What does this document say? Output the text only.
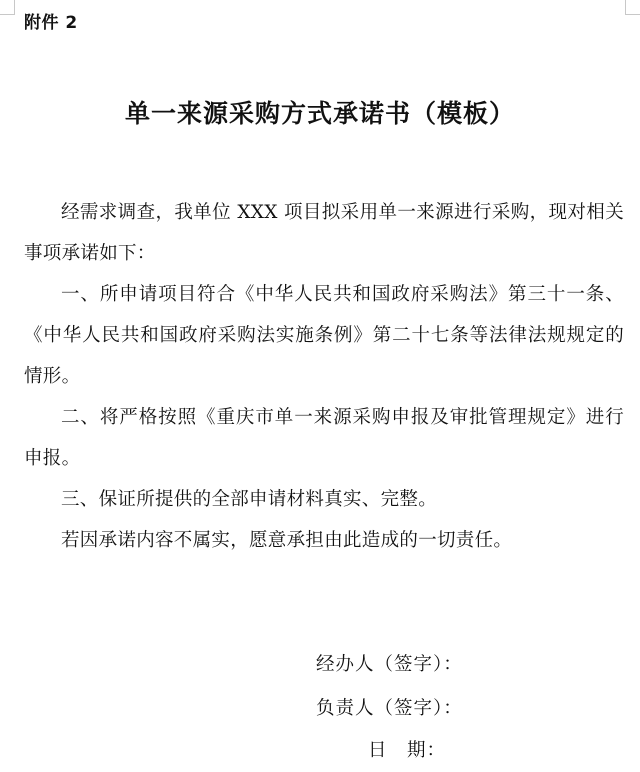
附件 2
单一来源采购方式承诺书（模板）

经需求调查，我单位 XXX 项目拟采用单一来源进行采购，现对相关事项承诺如下：

一、所申请项目符合《中华人民共和国政府采购法》第三十一条、《中华人民共和国政府采购法实施条例》第二十七条等法律法规规定的情形。

二、将严格按照《重庆市单一来源采购申报及审批管理规定》进行申报。

三、保证所提供的全部申请材料真实、完整。

若因承诺内容不属实，愿意承担由此造成的一切责任。

经办人（签字）：
负责人（签字）：
日　期：
